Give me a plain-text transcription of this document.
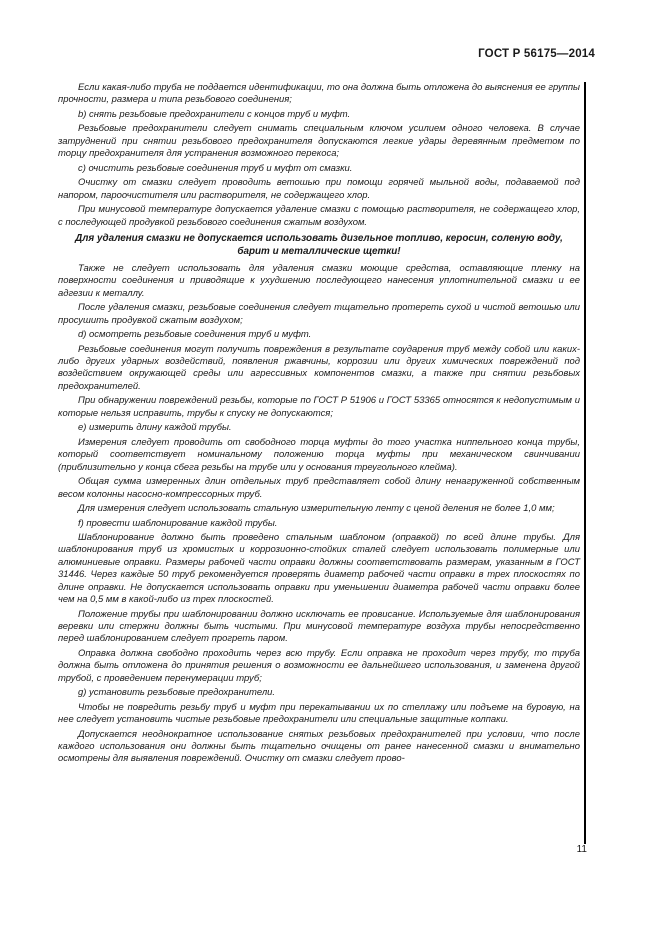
ГОСТ Р 56175—2014

Если какая-либо труба не поддается идентификации, то она должна быть отложена до выяснения ее группы прочности, размера и типа резьбового соединения;

b) снять резьбовые предохранители с концов труб и муфт.

Резьбовые предохранители следует снимать специальным ключом усилием одного человека. В случае затруднений при снятии резьбового предохранителя допускаются легкие удары деревянным предметом по торцу предохранителя для устранения возможного перекоса;

c) очистить резьбовые соединения труб и муфт от смазки.

Очистку от смазки следует проводить ветошью при помощи горячей мыльной воды, подаваемой под напором, пароочистителя или растворителя, не содержащего хлор.

При минусовой температуре допускается удаление смазки с помощью растворителя, не содержащего хлор, с последующей продувкой резьбового соединения сжатым воздухом.

Для удаления смазки не допускается использовать дизельное топливо, керосин, соленую воду, барит и металлические щетки!

Также не следует использовать для удаления смазки моющие средства, оставляющие пленку на поверхности соединения и приводящие к ухудшению последующего нанесения уплотнительной смазки и ее адгезии к металлу.

После удаления смазки, резьбовые соединения следует тщательно протереть сухой и чистой ветошью или просушить продувкой сжатым воздухом;

d) осмотреть резьбовые соединения труб и муфт.

Резьбовые соединения могут получить повреждения в результате соударения труб между собой или каких-либо других ударных воздействий, появления ржавчины, коррозии или других химических повреждений под воздействием окружающей среды или агрессивных компонентов смазки, а также при снятии резьбовых предохранителей.

При обнаружении повреждений резьбы, которые по ГОСТ Р 51906 и ГОСТ 53365 относятся к недопустимым и которые нельзя исправить, трубы к спуску не допускаются;

e) измерить длину каждой трубы.

Измерения следует проводить от свободного торца муфты до того участка ниппельного конца трубы, который соответствует номинальному положению торца муфты при механическом свинчивании (приблизительно у конца сбега резьбы на трубе или у основания треугольного клейма).

Общая сумма измеренных длин отдельных труб представляет собой длину ненагруженной собственным весом колонны насосно-компрессорных труб.

Для измерения следует использовать стальную измерительную ленту с ценой деления не более 1,0 мм;

f) провести шаблонирование каждой трубы.

Шаблонирование должно быть проведено стальным шаблоном (оправкой) по всей длине трубы. Для шаблонирования труб из хромистых и коррозионно-стойких сталей следует использовать полимерные или алюминиевые оправки. Размеры рабочей части оправки должны соответствовать размерам, указанным в ГОСТ 31446. Через каждые 50 труб рекомендуется проверять диаметр рабочей части оправки в трех плоскостях по длине оправки. Не допускается использовать оправки при уменьшении диаметра рабочей части оправки более чем на 0,5 мм в какой-либо из трех плоскостей.

Положение трубы при шаблонировании должно исключать ее провисание. Используемые для шаблонирования веревки или стержни должны быть чистыми. При минусовой температуре воздуха трубы непосредственно перед шаблонированием следует прогреть паром.

Оправка должна свободно проходить через всю трубу. Если оправка не проходит через трубу, то труба должна быть отложена до принятия решения о возможности ее дальнейшего использования, и заменена другой трубой, с проведением перенумерации труб;

g) установить резьбовые предохранители.

Чтобы не повредить резьбу труб и муфт при перекатывании их по стеллажу или подъеме на буровую, на нее следует установить чистые резьбовые предохранители или специальные защитные колпаки.

Допускается неоднократное использование снятых резьбовых предохранителей при условии, что после каждого использования они должны быть тщательно очищены от ранее нанесенной смазки и внимательно осмотрены для выявления повреждений. Очистку от смазки следует прово-

11
